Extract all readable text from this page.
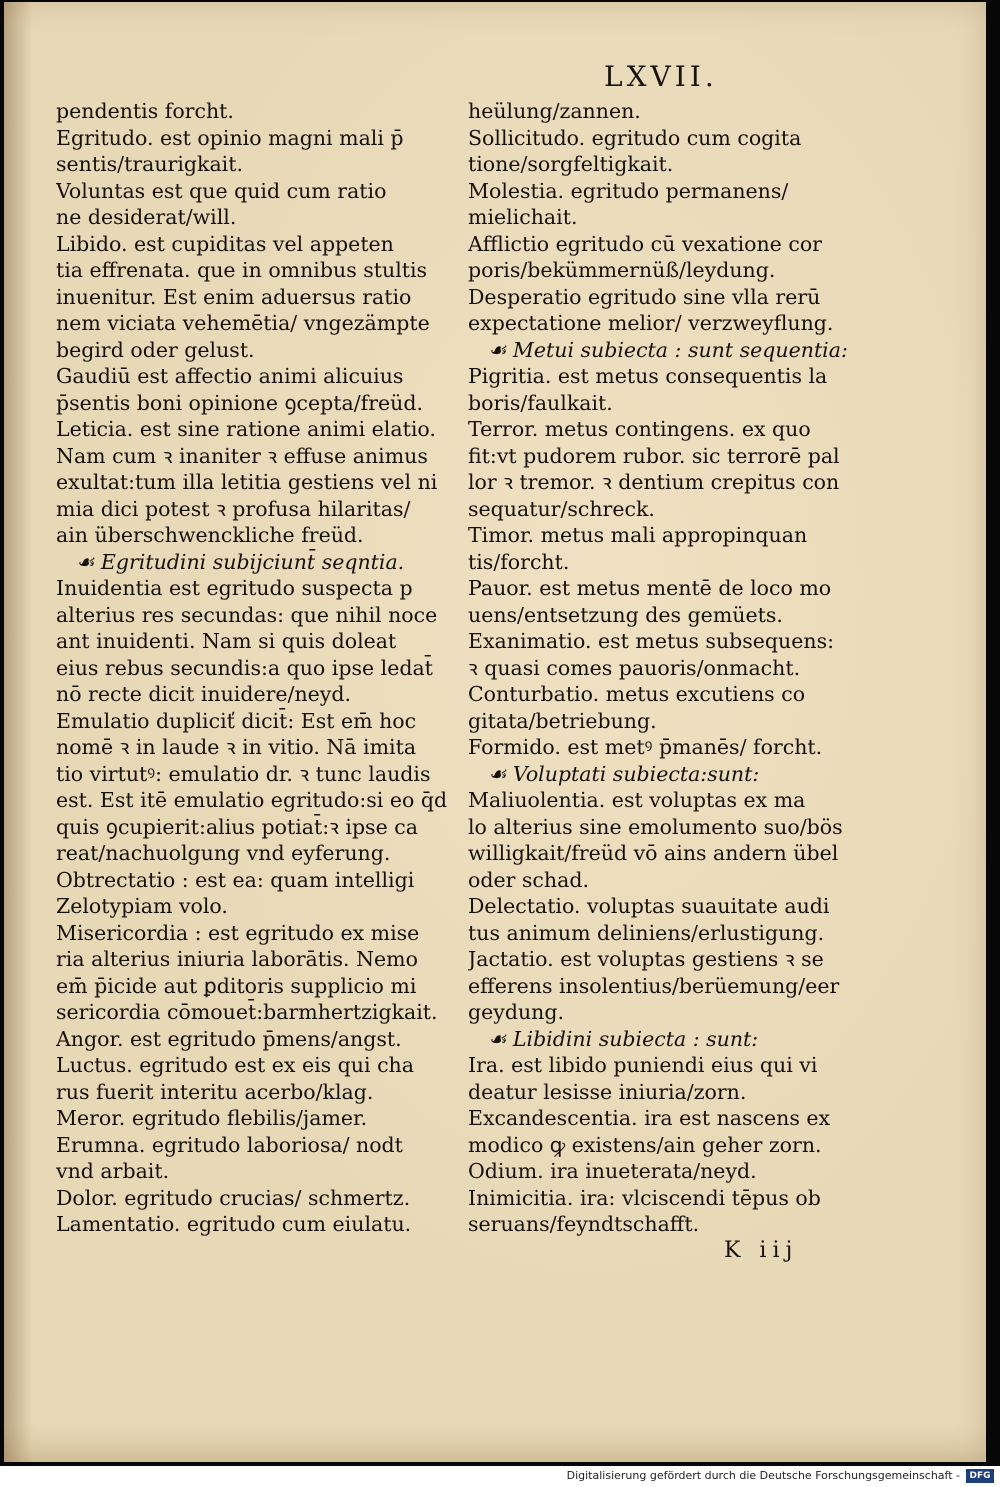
LXVII.
pendentis forcht.
Egritudo. est opinio magni mali p̄
sentis/traurigkait.
Voluntas est que quid cum ratio
ne desiderat/will.
Libido. est cupiditas vel appeten
tia effrenata. que in omnibus stultis
inuenitur. Est enim aduersus ratio
nem viciata vehemētia/ vngezämpte
begird oder gelust.
Gaudiū est affectio animi alicuius
p̄sentis boni opinione ꝯcepta/freüd.
Leticia. est sine ratione animi elatio.
Nam cum ꝛ inaniter ꝛ effuse animus
exultat:tum illa letitia gestiens vel ni
mia dici potest ꝛ profusa hilaritas/
ain überschwenckliche freüd.
☙ Egritudini subijciunt̄ seqntia.
Inuidentia est egritudo suspecta p
alterius res secundas: que nihil noce
ant inuidenti. Nam si quis doleat
eius rebus secundis:a quo ipse ledat̄
nō recte dicit inuidere/neyd.
Emulatio dupliciť dicit̄: Est em̄ hoc
nomē ꝛ in laude ꝛ in vitio. Nā imita
tio virtutꝰ: emulatio dr. ꝛ tunc laudis
est. Est itē emulatio egritudo:si eo q̄d
quis ꝯcupierit:alius potiat̄:ꝛ ipse ca
reat/nachuolgung vnd eyferung.
Obtrectatio : est ea: quam intelligi
Zelotypiam volo.
Misericordia : est egritudo ex mise
ria alterius iniuria laborātis. Nemo
em̄ p̄icide aut ꝑditoris supplicio mi
sericordia cōmouet̄:barmhertzigkait.
Angor. est egritudo p̄mens/angst.
Luctus. egritudo est ex eis qui cha
rus fuerit interitu acerbo/klag.
Meror. egritudo flebilis/jamer.
Erumna. egritudo laboriosa/ nodt
vnd arbait.
Dolor. egritudo crucias/ schmertz.
Lamentatio. egritudo cum eiulatu.
heülung/zannen.
Sollicitudo. egritudo cum cogita
tione/sorgfeltigkait.
Molestia. egritudo permanens/
mielichait.
Afflictio egritudo cū vexatione cor
poris/bekümmernüß/leydung.
Desperatio egritudo sine vlla rerū
expectatione melior/ verzweyflung.
☙ Metui subiecta : sunt sequentia:
Pigritia. est metus consequentis la
boris/faulkait.
Terror. metus contingens. ex quo
fit:vt pudorem rubor. sic terrorē pal
lor ꝛ tremor. ꝛ dentium crepitus con
sequatur/schreck.
Timor. metus mali appropinquan
tis/forcht.
Pauor. est metus mentē de loco mo
uens/entsetzung des gemüets.
Exanimatio. est metus subsequens:
ꝛ quasi comes pauoris/onmacht.
Conturbatio. metus excutiens co
gitata/betriebung.
Formido. est metꝰ p̄manēs/ forcht.
☙ Voluptati subiecta:sunt:
Maliuolentia. est voluptas ex ma
lo alterius sine emolumento suo/bös
willigkait/freüd vō ains andern übel
oder schad.
Delectatio. voluptas suauitate audi
tus animum deliniens/erlustigung.
Jactatio. est voluptas gestiens ꝛ se
efferens insolentius/berüemung/eer
geydung.
☙ Libidini subiecta : sunt:
Ira. est libido puniendi eius qui vi
deatur lesisse iniuria/zorn.
Excandescentia. ira est nascens ex
modico ꝙ existens/ain geher zorn.
Odium. ira inueterata/neyd.
Inimicitia. ira: vlciscendi tēpus ob
seruans/feyndtschafft.
K iij
Digitalisierung gefördert durch die Deutsche Forschungsgemeinschaft -	DFG
